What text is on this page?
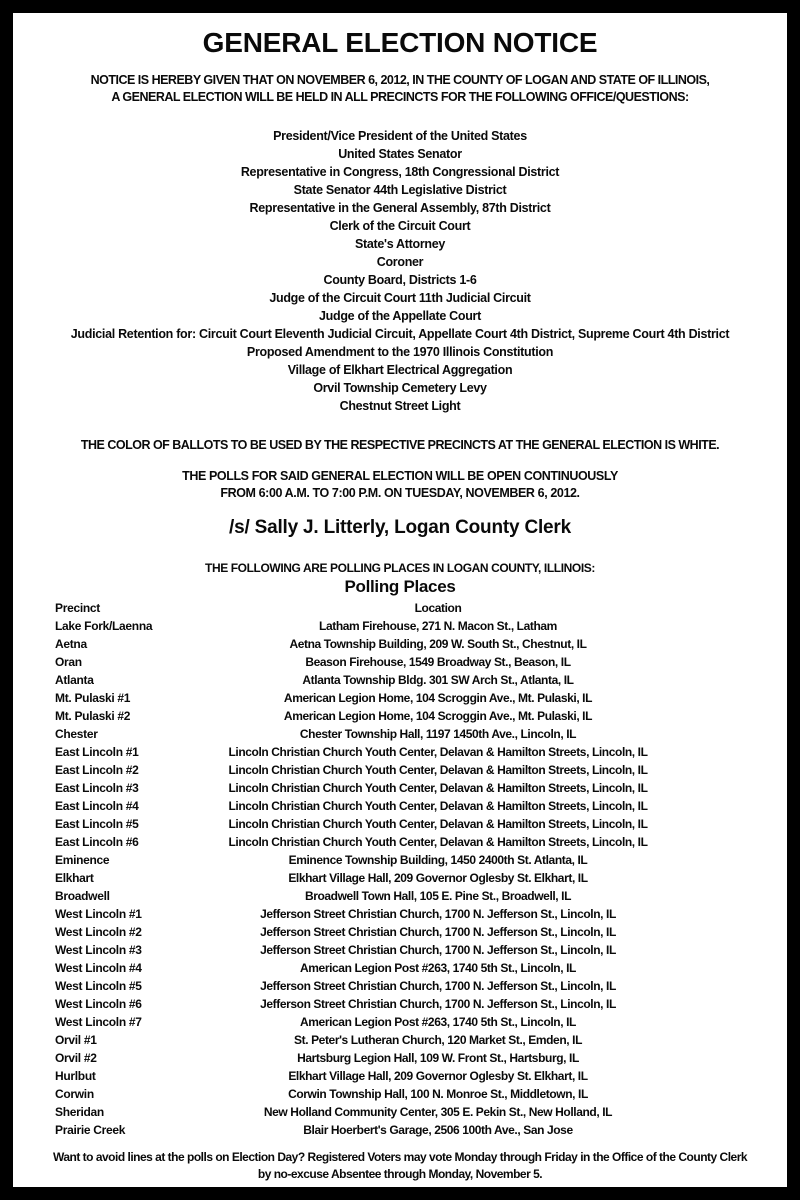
GENERAL ELECTION NOTICE
NOTICE IS HEREBY GIVEN THAT ON NOVEMBER 6, 2012, IN THE COUNTY OF LOGAN AND STATE OF ILLINOIS,
A GENERAL ELECTION WILL BE HELD IN ALL PRECINCTS FOR THE FOLLOWING OFFICE/QUESTIONS:
President/Vice President of the United States
United States Senator
Representative in Congress, 18th Congressional District
State Senator 44th Legislative District
Representative in the General Assembly, 87th District
Clerk of the Circuit Court
State's Attorney
Coroner
County Board, Districts 1-6
Judge of the Circuit Court 11th Judicial Circuit
Judge of the Appellate Court
Judicial Retention for: Circuit Court Eleventh Judicial Circuit, Appellate Court 4th District, Supreme Court 4th District
Proposed Amendment to the 1970 Illinois Constitution
Village of Elkhart Electrical Aggregation
Orvil Township Cemetery Levy
Chestnut Street Light
THE COLOR OF BALLOTS TO BE USED BY THE RESPECTIVE PRECINCTS AT THE GENERAL ELECTION IS WHITE.
THE POLLS FOR SAID GENERAL ELECTION WILL BE OPEN CONTINUOUSLY
FROM 6:00 A.M. TO 7:00 P.M. ON TUESDAY, NOVEMBER 6, 2012.
/s/ Sally J. Litterly, Logan County Clerk
THE FOLLOWING ARE POLLING PLACES IN LOGAN COUNTY, ILLINOIS:
Polling Places
Precinct	Location
Lake Fork/Laenna	Latham Firehouse, 271 N. Macon St., Latham
Aetna	Aetna Township Building, 209 W. South St., Chestnut, IL
Oran	Beason Firehouse, 1549 Broadway St., Beason, IL
Atlanta	Atlanta Township Bldg. 301 SW Arch St., Atlanta, IL
Mt. Pulaski #1	American Legion Home, 104 Scroggin Ave., Mt. Pulaski, IL
Mt. Pulaski #2	American Legion Home, 104 Scroggin Ave., Mt. Pulaski, IL
Chester	Chester Township Hall, 1197 1450th Ave., Lincoln, IL
East Lincoln #1	Lincoln Christian Church Youth Center, Delavan & Hamilton Streets, Lincoln, IL
East Lincoln #2	Lincoln Christian Church Youth Center, Delavan & Hamilton Streets, Lincoln, IL
East Lincoln #3	Lincoln Christian Church Youth Center, Delavan & Hamilton Streets, Lincoln, IL
East Lincoln #4	Lincoln Christian Church Youth Center, Delavan & Hamilton Streets, Lincoln, IL
East Lincoln #5	Lincoln Christian Church Youth Center, Delavan & Hamilton Streets, Lincoln, IL
East Lincoln #6	Lincoln Christian Church Youth Center, Delavan & Hamilton Streets, Lincoln, IL
Eminence	Eminence Township Building, 1450 2400th St. Atlanta, IL
Elkhart	Elkhart Village Hall, 209 Governor Oglesby St. Elkhart, IL
Broadwell	Broadwell Town Hall, 105 E. Pine St., Broadwell, IL
West Lincoln #1	Jefferson Street Christian Church, 1700 N. Jefferson St., Lincoln, IL
West Lincoln #2	Jefferson Street Christian Church, 1700 N. Jefferson St., Lincoln, IL
West Lincoln #3	Jefferson Street Christian Church, 1700 N. Jefferson St., Lincoln, IL
West Lincoln #4	American Legion Post #263, 1740 5th St., Lincoln, IL
West Lincoln #5	Jefferson Street Christian Church, 1700 N. Jefferson St., Lincoln, IL
West Lincoln #6	Jefferson Street Christian Church, 1700 N. Jefferson St., Lincoln, IL
West Lincoln #7	American Legion Post #263, 1740 5th St., Lincoln, IL
Orvil #1	St. Peter's Lutheran Church, 120 Market St., Emden, IL
Orvil #2	Hartsburg Legion Hall, 109 W. Front St., Hartsburg, IL
Hurlbut	Elkhart Village Hall, 209 Governor Oglesby St. Elkhart, IL
Corwin	Corwin Township Hall, 100 N. Monroe St., Middletown, IL
Sheridan	New Holland Community Center, 305 E. Pekin St., New Holland, IL
Prairie Creek	Blair Hoerbert's Garage, 2506 100th Ave., San Jose
Want to avoid lines at the polls on Election Day? Registered Voters may vote Monday through Friday in the Office of the County Clerk
by no-excuse Absentee through Monday, November 5.
